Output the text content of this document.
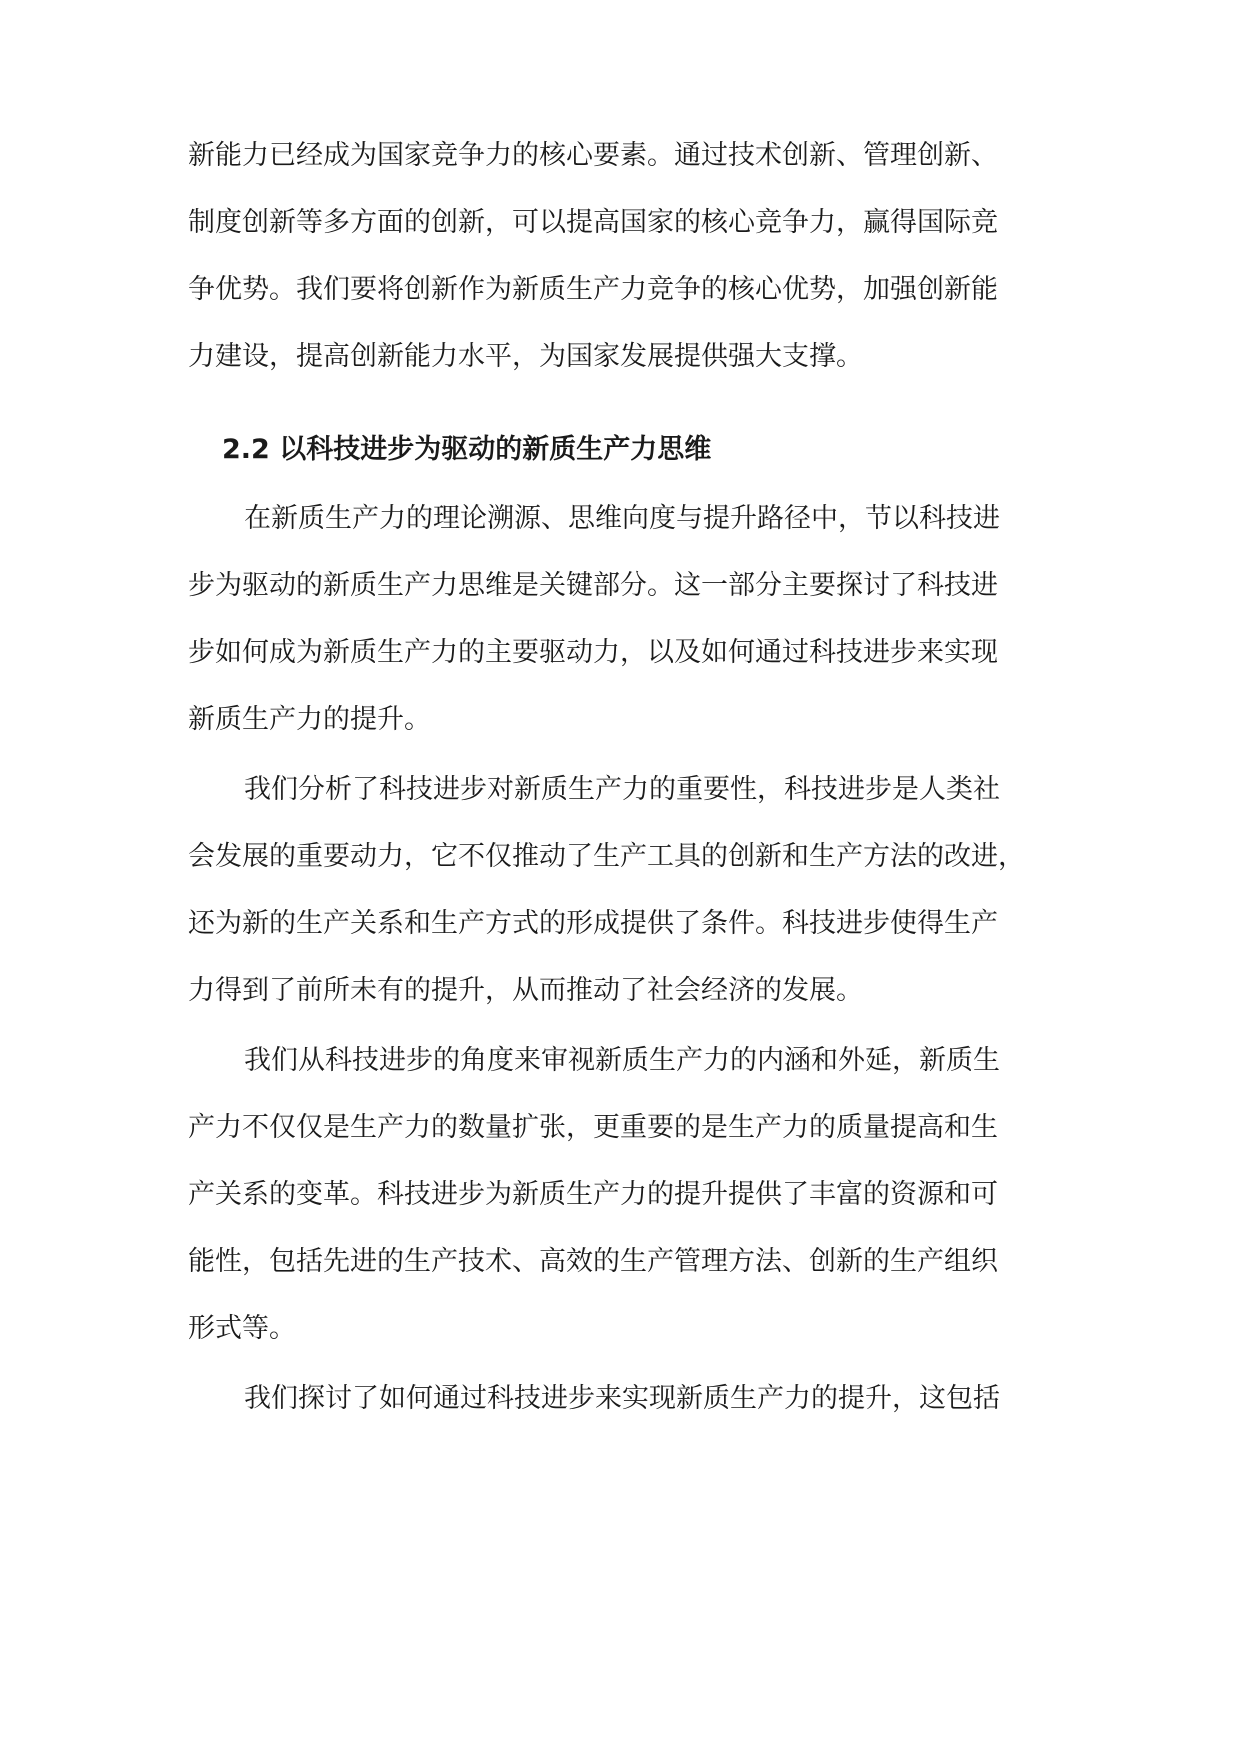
新能力已经成为国家竞争力的核心要素。通过技术创新、管理创新、
制度创新等多方面的创新，可以提高国家的核心竞争力，赢得国际竞
争优势。我们要将创新作为新质生产力竞争的核心优势，加强创新能
力建设，提高创新能力水平，为国家发展提供强大支撑。
2.2 以科技进步为驱动的新质生产力思维
在新质生产力的理论溯源、思维向度与提升路径中，节以科技进
步为驱动的新质生产力思维是关键部分。这一部分主要探讨了科技进
步如何成为新质生产力的主要驱动力，以及如何通过科技进步来实现
新质生产力的提升。
我们分析了科技进步对新质生产力的重要性，科技进步是人类社
会发展的重要动力，它不仅推动了生产工具的创新和生产方法的改进，
还为新的生产关系和生产方式的形成提供了条件。科技进步使得生产
力得到了前所未有的提升，从而推动了社会经济的发展。
我们从科技进步的角度来审视新质生产力的内涵和外延，新质生
产力不仅仅是生产力的数量扩张，更重要的是生产力的质量提高和生
产关系的变革。科技进步为新质生产力的提升提供了丰富的资源和可
能性，包括先进的生产技术、高效的生产管理方法、创新的生产组织
形式等。
我们探讨了如何通过科技进步来实现新质生产力的提升，这包括
